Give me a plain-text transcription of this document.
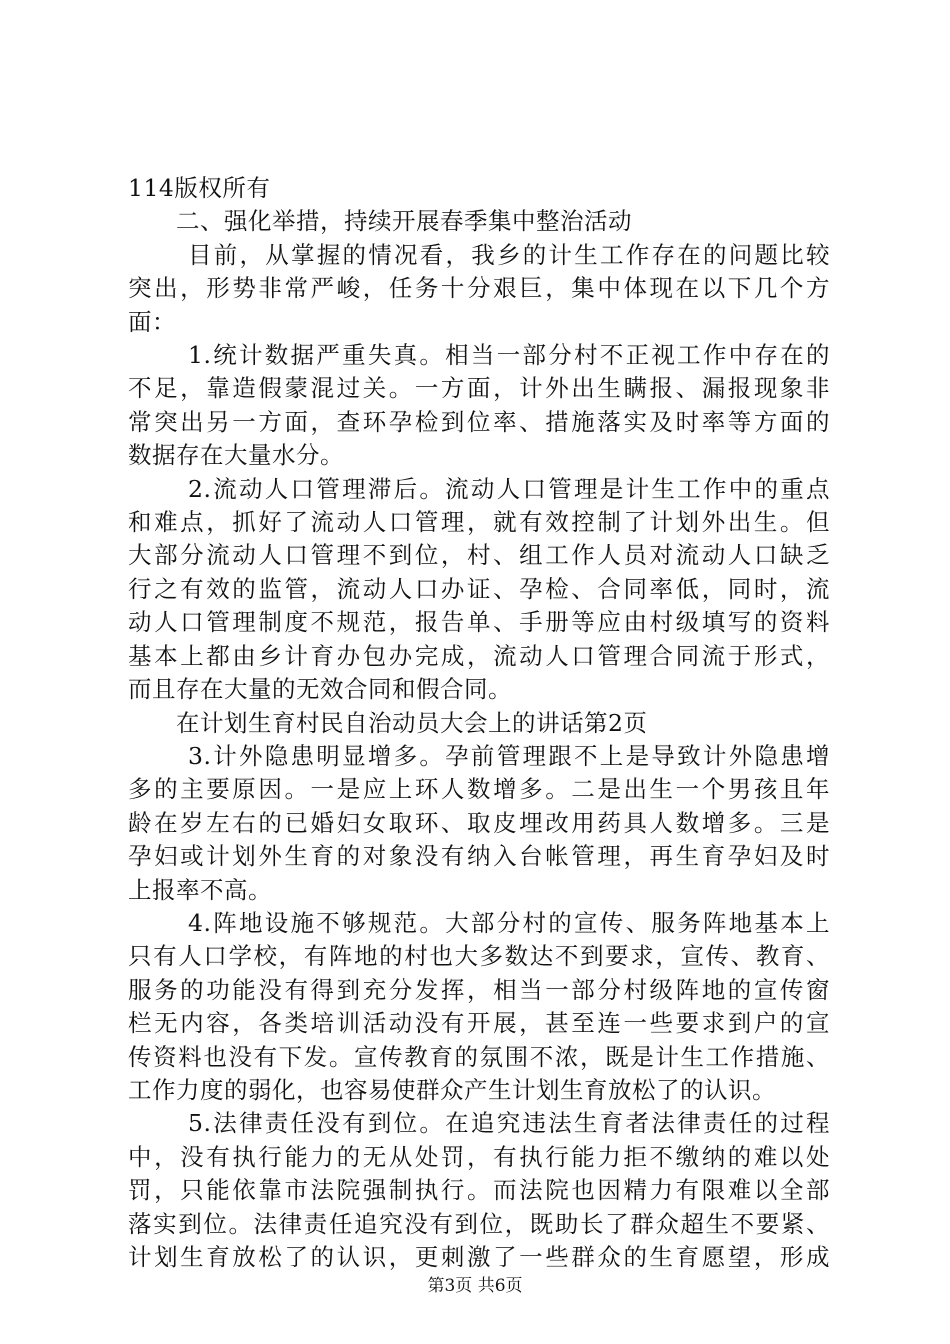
114版权所有
二、强化举措，持续开展春季集中整治活动
目前，从掌握的情况看，我乡的计生工作存在的问题比较
突出，形势非常严峻，任务十分艰巨，集中体现在以下几个方
面：
1.统计数据严重失真。相当一部分村不正视工作中存在的
不足，靠造假蒙混过关。一方面，计外出生瞒报、漏报现象非
常突出另一方面，查环孕检到位率、措施落实及时率等方面的
数据存在大量水分。
2.流动人口管理滞后。流动人口管理是计生工作中的重点
和难点，抓好了流动人口管理，就有效控制了计划外出生。但
大部分流动人口管理不到位，村、组工作人员对流动人口缺乏
行之有效的监管，流动人口办证、孕检、合同率低，同时，流
动人口管理制度不规范，报告单、手册等应由村级填写的资料
基本上都由乡计育办包办完成，流动人口管理合同流于形式，
而且存在大量的无效合同和假合同。
在计划生育村民自治动员大会上的讲话第2页
3.计外隐患明显增多。孕前管理跟不上是导致计外隐患增
多的主要原因。一是应上环人数增多。二是出生一个男孩且年
龄在岁左右的已婚妇女取环、取皮埋改用药具人数增多。三是
孕妇或计划外生育的对象没有纳入台帐管理，再生育孕妇及时
上报率不高。
4.阵地设施不够规范。大部分村的宣传、服务阵地基本上
只有人口学校，有阵地的村也大多数达不到要求，宣传、教育、
服务的功能没有得到充分发挥，相当一部分村级阵地的宣传窗
栏无内容，各类培训活动没有开展，甚至连一些要求到户的宣
传资料也没有下发。宣传教育的氛围不浓，既是计生工作措施、
工作力度的弱化，也容易使群众产生计划生育放松了的认识。
5.法律责任没有到位。在追究违法生育者法律责任的过程
中，没有执行能力的无从处罚，有执行能力拒不缴纳的难以处
罚，只能依靠市法院强制执行。而法院也因精力有限难以全部
落实到位。法律责任追究没有到位，既助长了群众超生不要紧、
计划生育放松了的认识，更刺激了一些群众的生育愿望，形成
第3页 共6页
